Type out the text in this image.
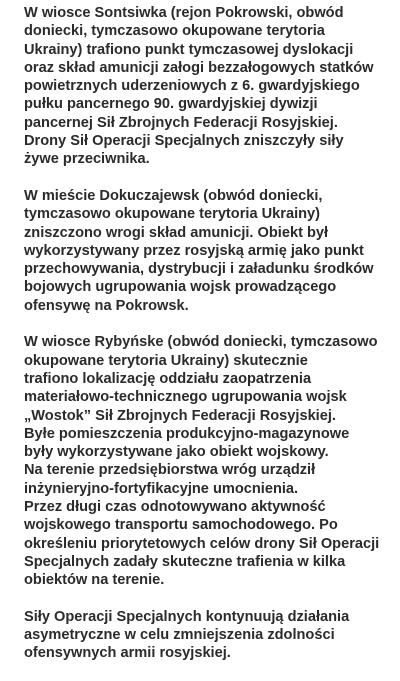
W wiosce Sontsiwka (rejon Pokrowski, obwód
doniecki, tymczasowo okupowane terytoria
Ukrainy) trafiono punkt tymczasowej dyslokacji
oraz skład amunicji załogi bezzałogowych statków
powietrznych uderzeniowych z 6. gwardyjskiego
pułku pancernego 90. gwardyjskiej dywizji
pancernej Sił Zbrojnych Federacji Rosyjskiej.
Drony Sił Operacji Specjalnych zniszczyły siły
żywe przeciwnika.

W mieście Dokuczajewsk (obwód doniecki,
tymczasowo okupowane terytoria Ukrainy)
zniszczono wrogi skład amunicji. Obiekt był
wykorzystywany przez rosyjską armię jako punkt
przechowywania, dystrybucji i załadunku środków
bojowych ugrupowania wojsk prowadzącego
ofensywę na Pokrowsk.

W wiosce Rybyńske (obwód doniecki, tymczasowo
okupowane terytoria Ukrainy) skutecznie
trafiono lokalizację oddziału zaopatrzenia
materiałowo-technicznego ugrupowania wojsk
„Wostok” Sił Zbrojnych Federacji Rosyjskiej.
Byłe pomieszczenia produkcyjno-magazynowe
były wykorzystywane jako obiekt wojskowy.
Na terenie przedsiębiorstwa wróg urządził
inżynieryjno-fortyfikacyjne umocnienia.
Przez długi czas odnotowywano aktywność
wojskowego transportu samochodowego. Po
określeniu priorytetowych celów drony Sił Operacji
Specjalnych zadały skuteczne trafienia w kilka
obiektów na terenie.

Siły Operacji Specjalnych kontynuują działania
asymetryczne w celu zmniejszenia zdolności
ofensywnych armii rosyjskiej.
